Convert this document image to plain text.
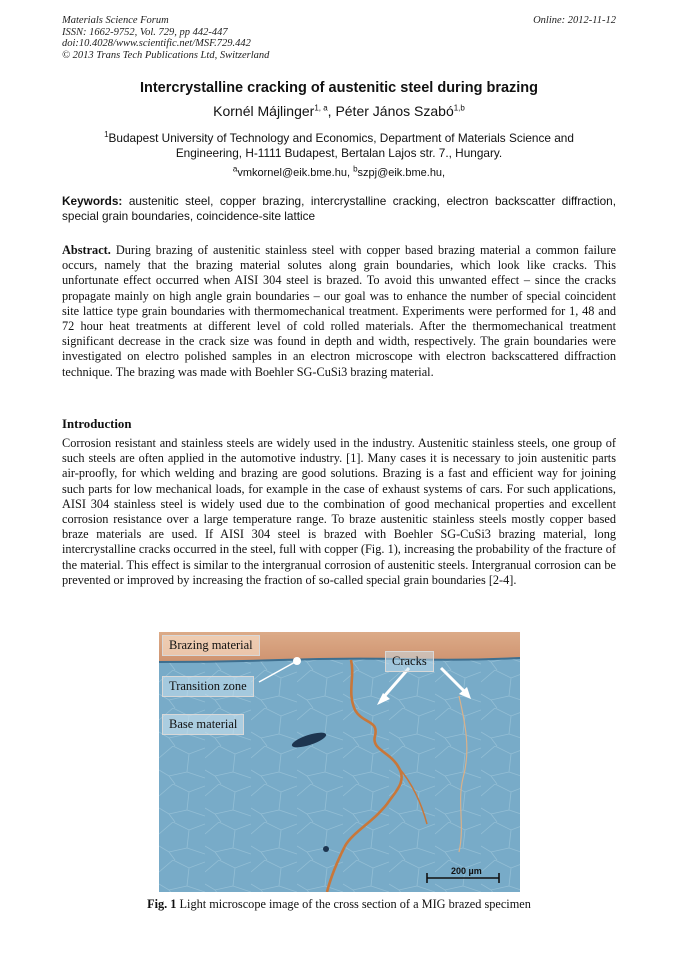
Materials Science Forum
ISSN: 1662-9752, Vol. 729, pp 442-447
doi:10.4028/www.scientific.net/MSF.729.442
© 2013 Trans Tech Publications Ltd, Switzerland
Online: 2012-11-12
Intercrystalline cracking of austenitic steel during brazing
Kornél Májlinger$^{1, a}$, Péter János Szabó$^{1,b}$
$^1$Budapest University of Technology and Economics, Department of Materials Science and Engineering, H-1111 Budapest, Bertalan Lajos str. 7., Hungary.
$^a$vmkornel@eik.bme.hu, $^b$szpj@eik.bme.hu,
Keywords: austenitic steel, copper brazing, intercrystalline cracking, electron backscatter diffraction, special grain boundaries, coincidence-site lattice
Abstract. During brazing of austenitic stainless steel with copper based brazing material a common failure occurs, namely that the brazing material solutes along grain boundaries, which look like cracks. This unfortunate effect occurred when AISI 304 steel is brazed. To avoid this unwanted effect – since the cracks propagate mainly on high angle grain boundaries – our goal was to enhance the number of special coincident site lattice type grain boundaries with thermomechanical treatment. Experiments were performed for 1, 48 and 72 hour heat treatments at different level of cold rolled materials. After the thermomechanical treatment significant decrease in the crack size was found in depth and width, respectively. The grain boundaries were investigated on electro polished samples in an electron microscope with electron backscattered diffraction technique. The brazing was made with Boehler SG-CuSi3 brazing material.
Introduction
Corrosion resistant and stainless steels are widely used in the industry. Austenitic stainless steels, one group of such steels are often applied in the automotive industry. [1]. Many cases it is necessary to join austenitic parts air-proofly, for which welding and brazing are good solutions. Brazing is a fast and efficient way for joining such parts for low mechanical loads, for example in the case of exhaust systems of cars. For such applications, AISI 304 stainless steel is widely used due to the combination of good mechanical properties and excellent corrosion resistance over a large temperature range. To braze austenitic stainless steels mostly copper based braze materials are used. If AISI 304 steel is brazed with Boehler SG-CuSi3 brazing material, long intercrystalline cracks occurred in the steel, full with copper (Fig. 1), increasing the probability of the fracture of the material. This effect is similar to the intergranual corrosion of austenitic steels. Intergranual corrosion can be prevented or improved by increasing the fraction of so-called special grain boundaries [2-4].
Brazing material
Transition zone
Base material
Cracks
200 µm
Fig. 1 Light microscope image of the cross section of a MIG brazed specimen
